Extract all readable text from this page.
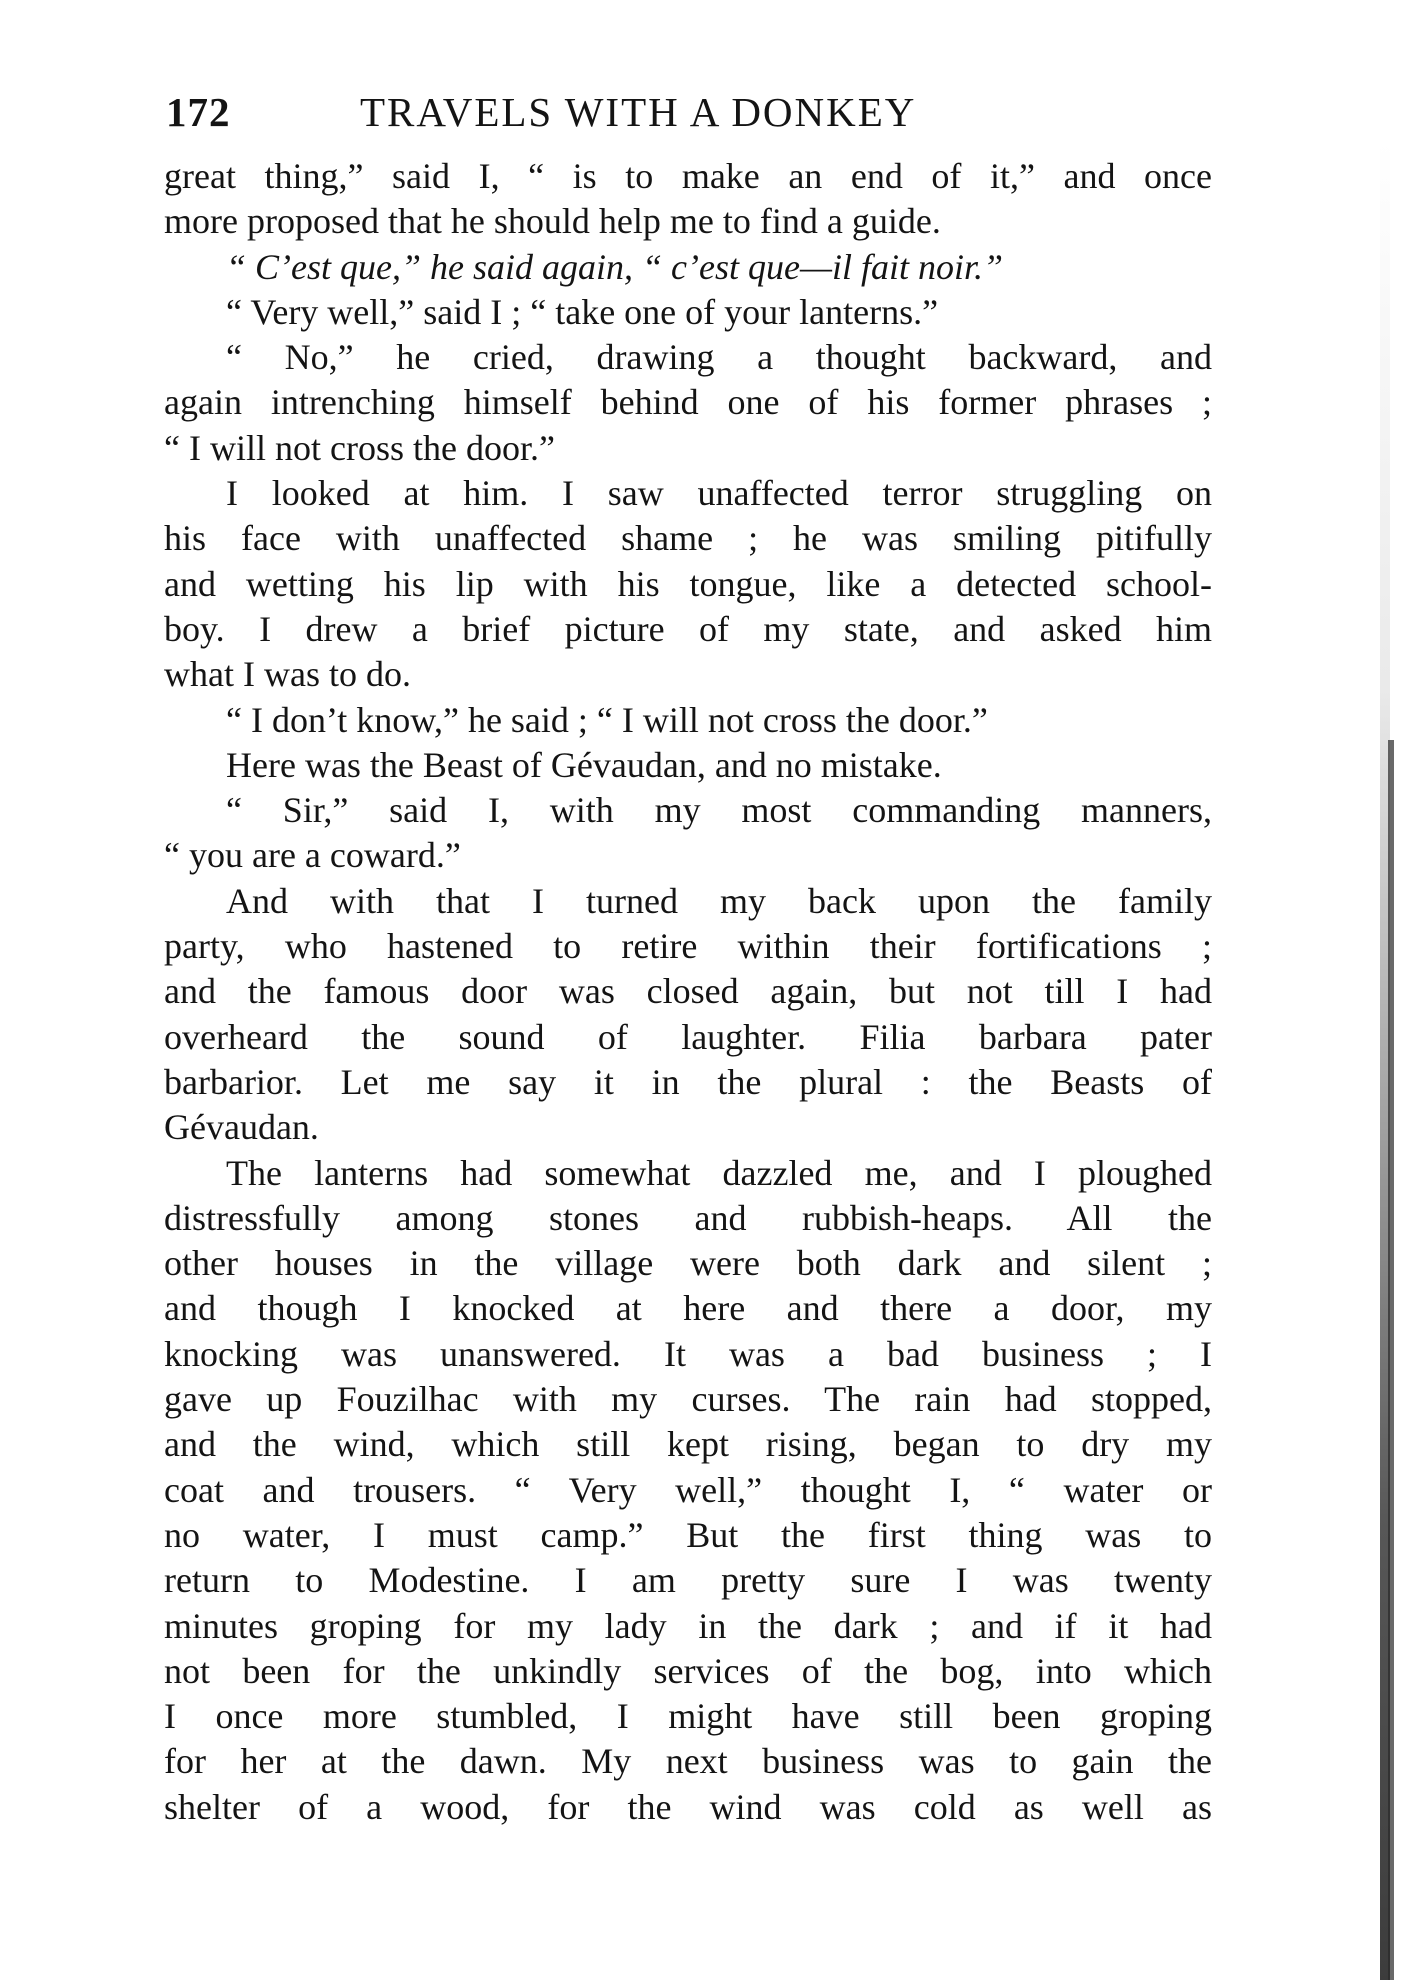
172	TRAVELS WITH A DONKEY
great thing,” said I, “ is to make an end of it,” and once
more proposed that he should help me to find a guide.
“ C’est que,” he said again, “ c’est que—il fait noir.”
“ Very well,” said I ; “ take one of your lanterns.”
“ No,” he cried, drawing a thought backward, and
again intrenching himself behind one of his former phrases ;
“ I will not cross the door.”
I looked at him. I saw unaffected terror struggling on
his face with unaffected shame ; he was smiling pitifully
and wetting his lip with his tongue, like a detected school-
boy. I drew a brief picture of my state, and asked him
what I was to do.
“ I don’t know,” he said ; “ I will not cross the door.”
Here was the Beast of Gévaudan, and no mistake.
“ Sir,” said I, with my most commanding manners,
“ you are a coward.”
And with that I turned my back upon the family
party, who hastened to retire within their fortifications ;
and the famous door was closed again, but not till I had
overheard the sound of laughter. Filia barbara pater
barbarior. Let me say it in the plural : the Beasts of
Gévaudan.
The lanterns had somewhat dazzled me, and I ploughed
distressfully among stones and rubbish-heaps. All the
other houses in the village were both dark and silent ;
and though I knocked at here and there a door, my
knocking was unanswered. It was a bad business ; I
gave up Fouzilhac with my curses. The rain had stopped,
and the wind, which still kept rising, began to dry my
coat and trousers. “ Very well,” thought I, “ water or
no water, I must camp.” But the first thing was to
return to Modestine. I am pretty sure I was twenty
minutes groping for my lady in the dark ; and if it had
not been for the unkindly services of the bog, into which
I once more stumbled, I might have still been groping
for her at the dawn. My next business was to gain the
shelter of a wood, for the wind was cold as well as
